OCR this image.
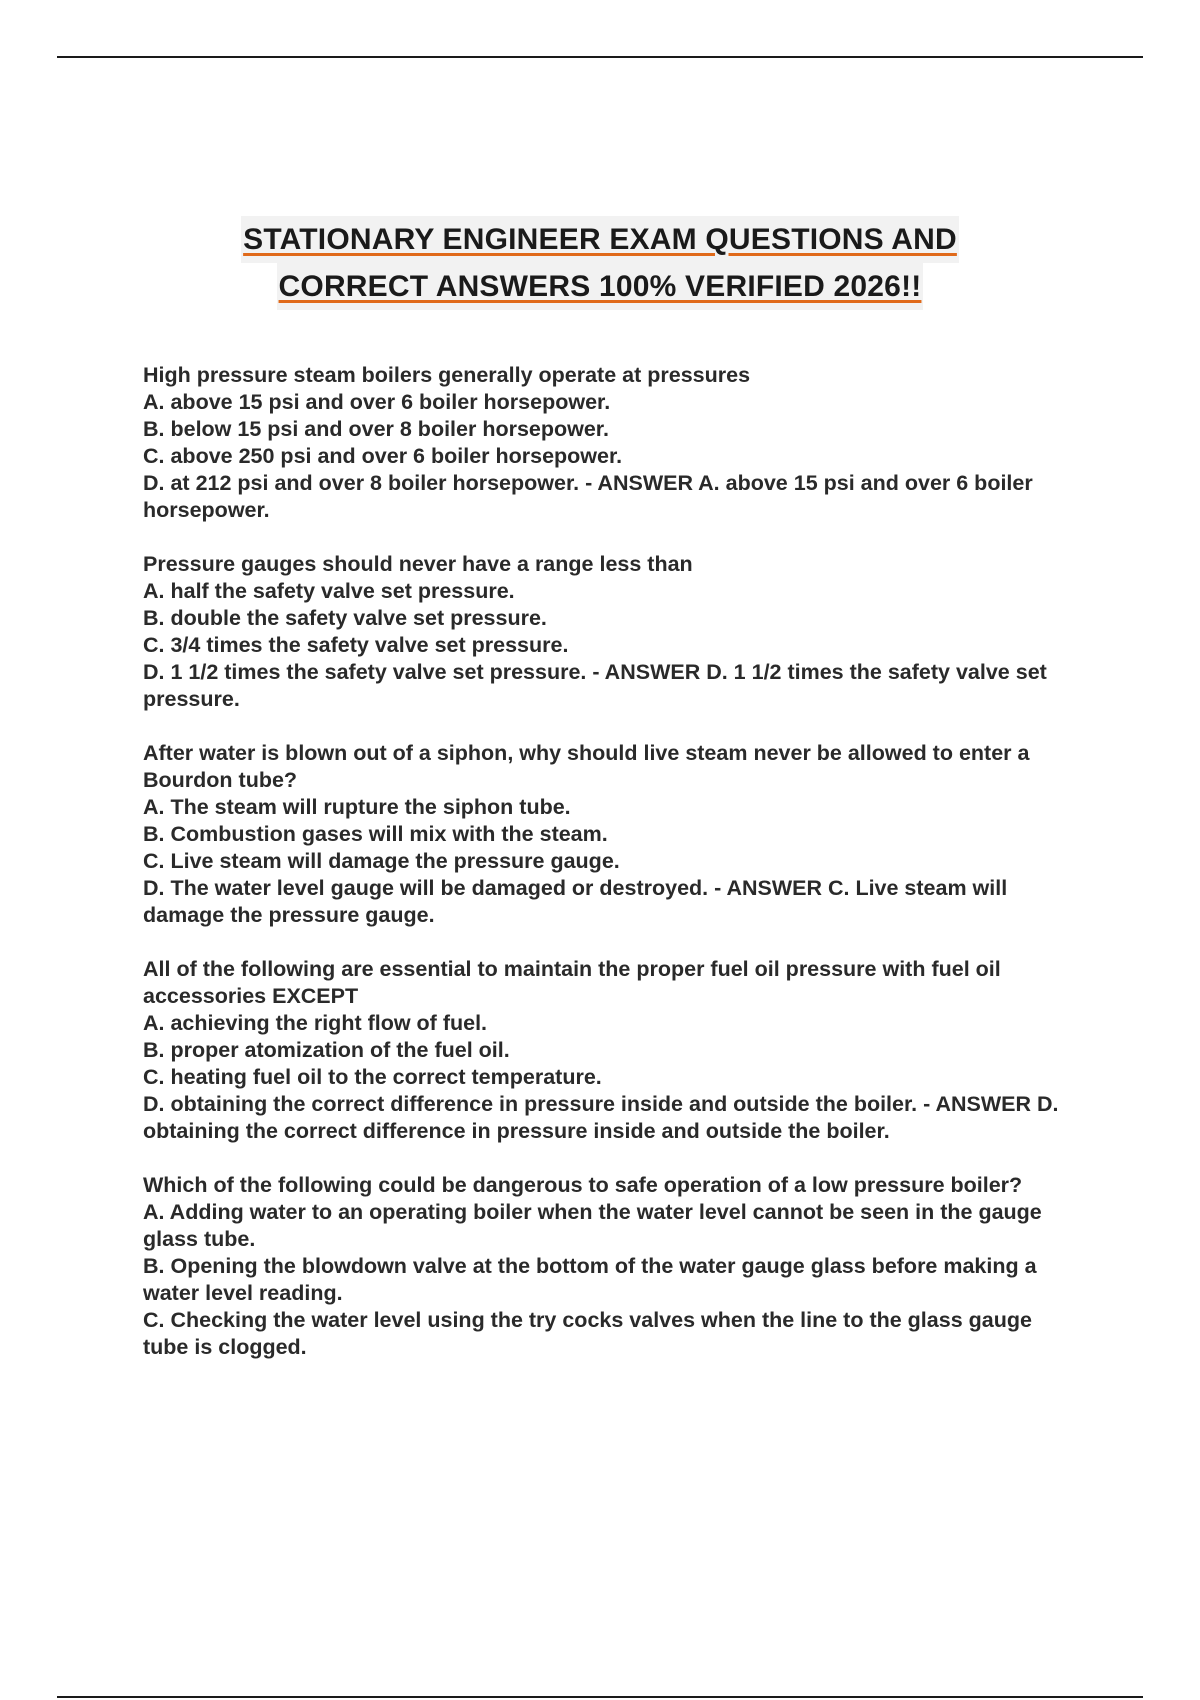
STATIONARY ENGINEER EXAM QUESTIONS AND
CORRECT ANSWERS 100% VERIFIED 2026!!
High pressure steam boilers generally operate at pressures
A. above 15 psi and over 6 boiler horsepower.
B. below 15 psi and over 8 boiler horsepower.
C. above 250 psi and over 6 boiler horsepower.
D. at 212 psi and over 8 boiler horsepower. - ANSWER A. above 15 psi and over 6 boiler horsepower.
Pressure gauges should never have a range less than
A. half the safety valve set pressure.
B. double the safety valve set pressure.
C. 3/4 times the safety valve set pressure.
D. 1 1/2 times the safety valve set pressure. - ANSWER D. 1 1/2 times the safety valve set pressure.
After water is blown out of a siphon, why should live steam never be allowed to enter a Bourdon tube?
A. The steam will rupture the siphon tube.
B. Combustion gases will mix with the steam.
C. Live steam will damage the pressure gauge.
D. The water level gauge will be damaged or destroyed. - ANSWER C. Live steam will damage the pressure gauge.
All of the following are essential to maintain the proper fuel oil pressure with fuel oil accessories EXCEPT
A. achieving the right flow of fuel.
B. proper atomization of the fuel oil.
C. heating fuel oil to the correct temperature.
D. obtaining the correct difference in pressure inside and outside the boiler. - ANSWER D. obtaining the correct difference in pressure inside and outside the boiler.
Which of the following could be dangerous to safe operation of a low pressure boiler?
A. Adding water to an operating boiler when the water level cannot be seen in the gauge glass tube.
B. Opening the blowdown valve at the bottom of the water gauge glass before making a water level reading.
C. Checking the water level using the try cocks valves when the line to the glass gauge tube is clogged.
